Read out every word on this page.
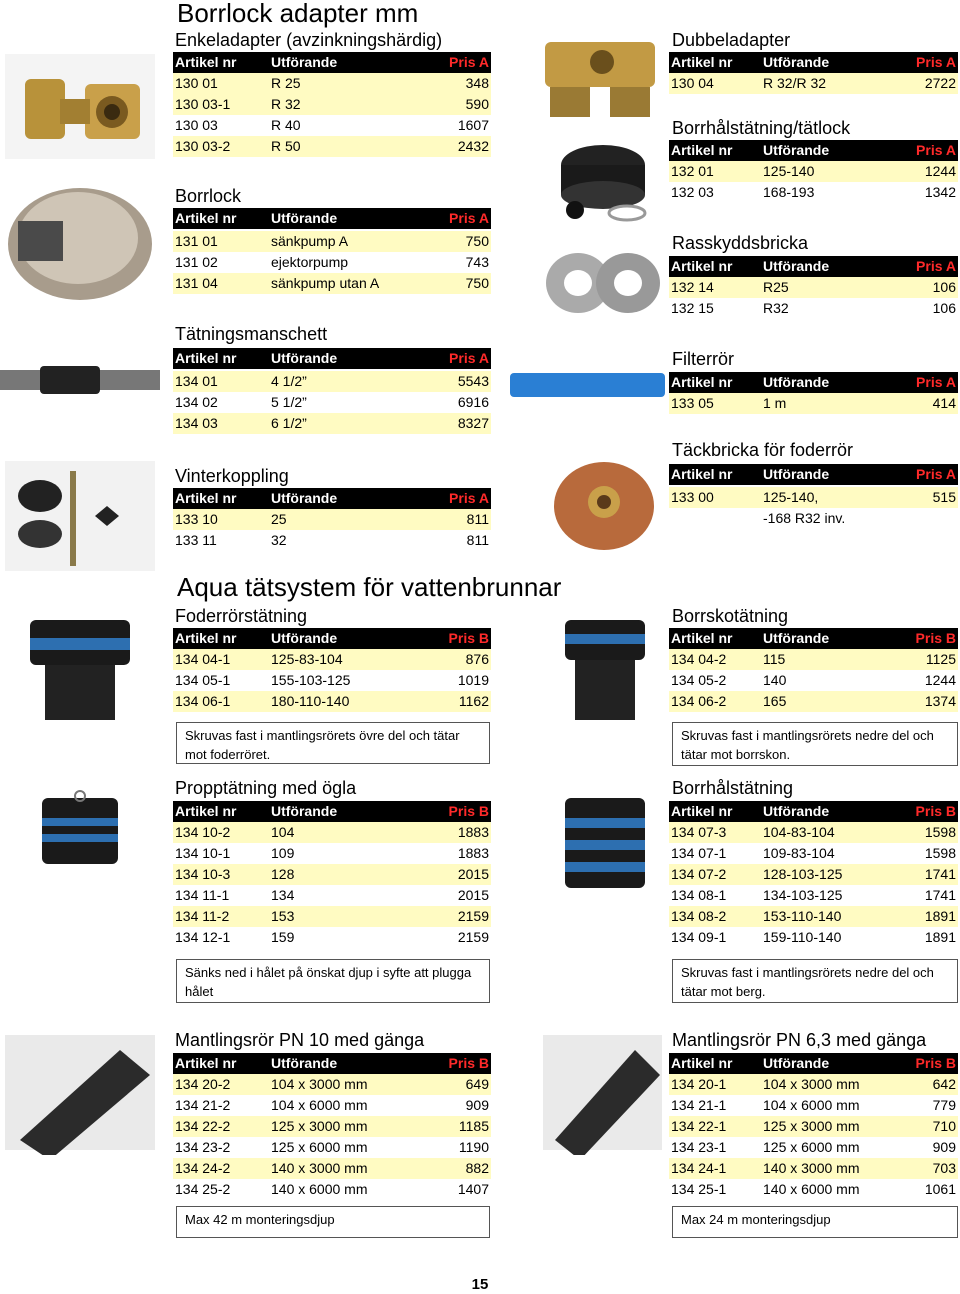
Borrlock adapter mm
Aqua tätsystem för vattenbrunnar
15
Enkeladapter (avzinkningshärdig)
Artikel nr	Utförande	Pris A
130 01	R 25	348
130 03-1	R 32	590
130 03	R 40	1607
130 03-2	R 50	2432
Borrlock
Artikel nr	Utförande	Pris A

131 01	sänkpump A	750
131 02	ejektorpump	743
131 04	sänkpump utan A	750
Tätningsmanschett
Artikel nr	Utförande	Pris A

134 01	4 1/2”	5543
134 02	5 1/2”	6916
134 03	6 1/2”	8327
Vinterkoppling
Artikel nr	Utförande	Pris A
133 10	25	811
133 11	32	811
Dubbeladapter
Artikel nr	Utförande	Pris A
130 04	R 32/R 32	2722
Borrhålstätning/tätlock
Artikel nr	Utförande	Pris A
132 01	125-140	1244
132 03	168-193	1342
Rasskyddsbricka
Artikel nr	Utförande	Pris A
132 14	R25	106
132 15	R32	106
Filterrör
Artikel nr	Utförande	Pris A
133 05	1 m	414
Täckbricka för foderrör
Artikel nr	Utförande	Pris A

133 00	125-140,	515
	-168 R32 inv.	
Foderrörstätning
Artikel nr	Utförande	Pris B
134 04-1	125-83-104	876
134 05-1	155-103-125	1019
134 06-1	180-110-140	1162
Skruvas fast i mantlingsrörets övre del och tätar mot foderröret.
Propptätning med ögla
Artikel nr	Utförande	Pris B
134 10-2	104	1883
134 10-1	109	1883
134 10-3	128	2015
134 11-1	134	2015
134 11-2	153	2159
134 12-1	159	2159
Sänks ned i hålet på önskat djup i syfte att plugga hålet
Mantlingsrör PN 10 med gänga
Artikel nr	Utförande	Pris B
134 20-2	104 x 3000 mm	649
134 21-2	104 x 6000 mm	909
134 22-2	125 x 3000 mm	1185
134 23-2	125 x 6000 mm	1190
134 24-2	140 x 3000 mm	882
134 25-2	140 x 6000 mm	1407
Max 42 m monteringsdjup
Borrskotätning
Artikel nr	Utförande	Pris B
134 04-2	115	1125
134 05-2	140	1244
134 06-2	165	1374
Skruvas fast i mantlingsrörets nedre del och tätar mot borrskon.
Borrhålstätning
Artikel nr	Utförande	Pris B
134 07-3	104-83-104	1598
134 07-1	109-83-104	1598
134 07-2	128-103-125	1741
134 08-1	134-103-125	1741
134 08-2	153-110-140	1891
134 09-1	159-110-140	1891
Skruvas fast i mantlingsrörets nedre del och tätar mot berg.
Mantlingsrör PN 6,3 med gänga
Artikel nr	Utförande	Pris B
134 20-1	104 x 3000 mm	642
134 21-1	104 x 6000 mm	779
134 22-1	125 x 3000 mm	710
134 23-1	125 x 6000 mm	909
134 24-1	140 x 3000 mm	703
134 25-1	140 x 6000 mm	1061
Max 24 m monteringsdjup
